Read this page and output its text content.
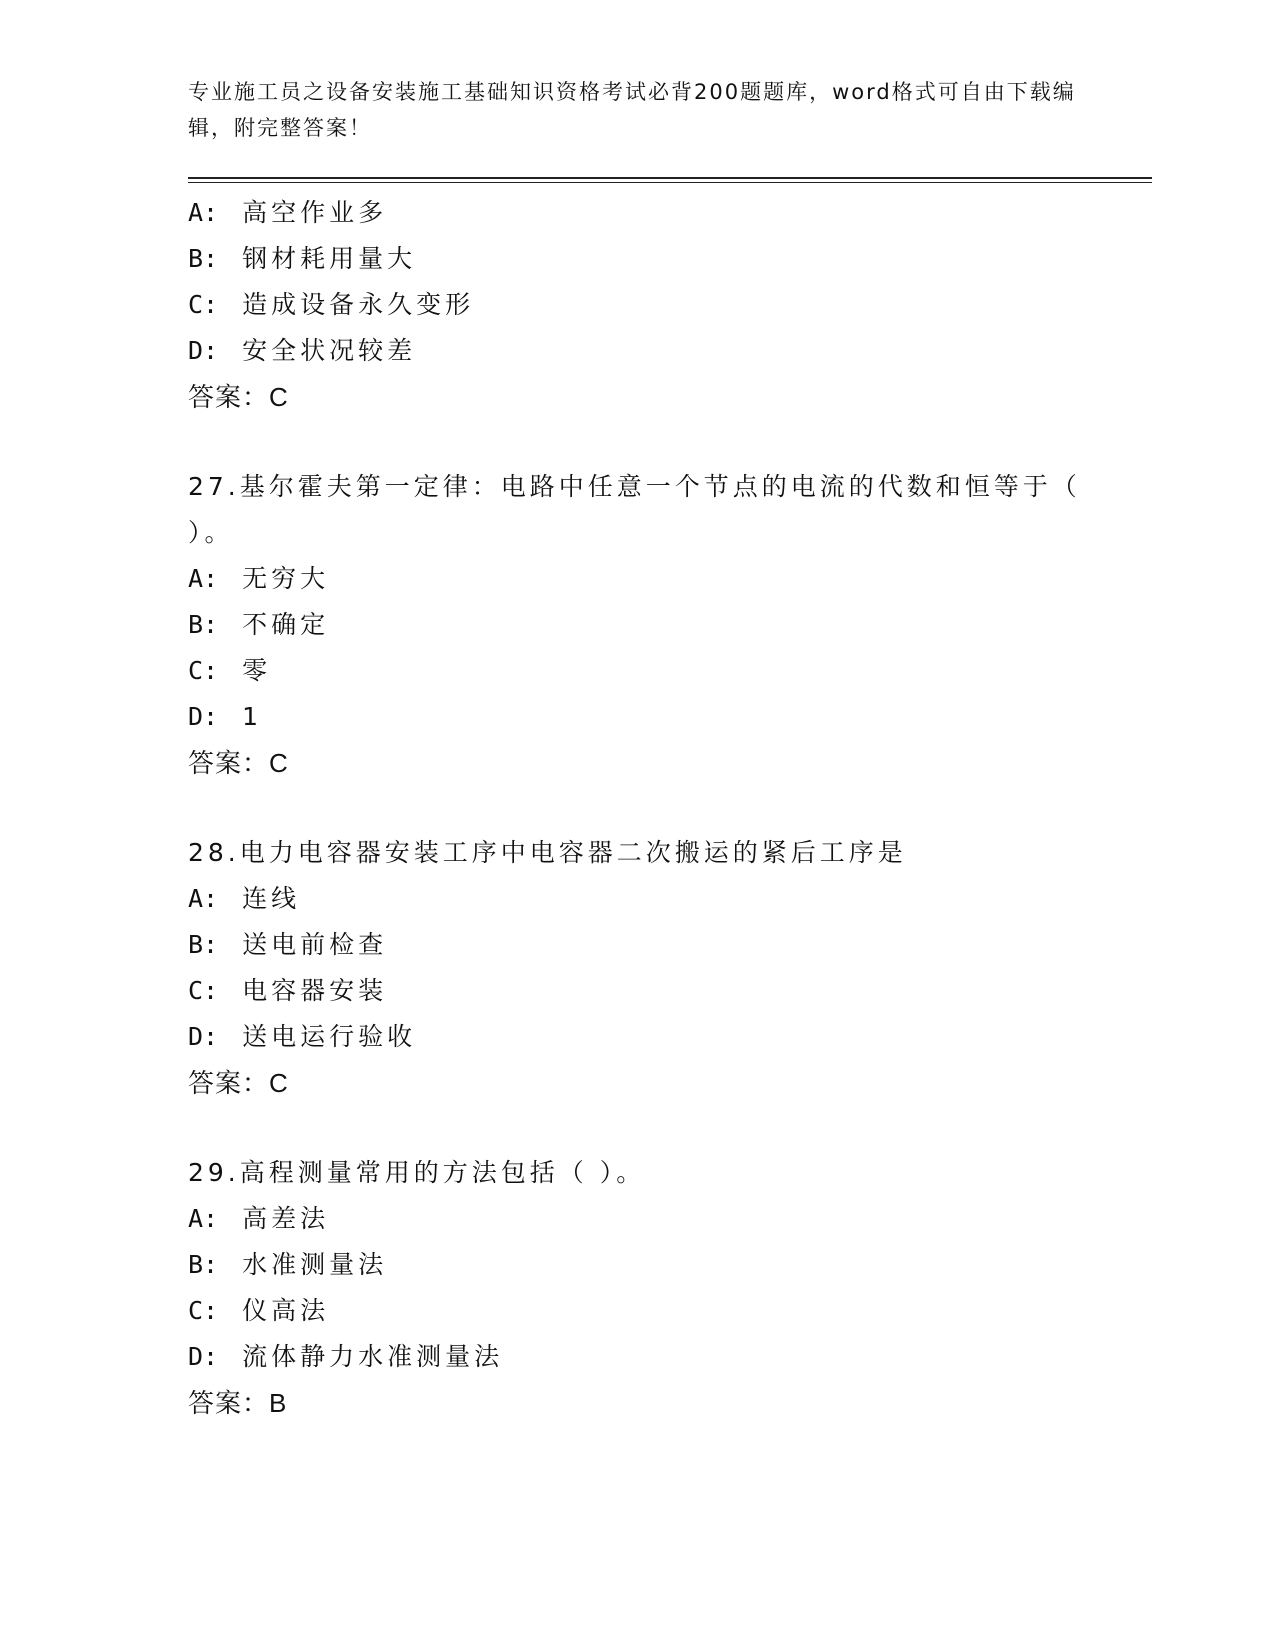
专业施工员之设备安装施工基础知识资格考试必背200题题库，word格式可自由下载编辑，附完整答案！
A: 高空作业多
B: 钢材耗用量大
C: 造成设备永久变形
D: 安全状况较差
答案：C
27.基尔霍夫第一定律：电路中任意一个节点的电流的代数和恒等于（ ）。
A: 无穷大
B: 不确定
C: 零
D: 1
答案：C
28.电力电容器安装工序中电容器二次搬运的紧后工序是
A: 连线
B: 送电前检查
C: 电容器安装
D: 送电运行验收
答案：C
29.高程测量常用的方法包括（ ）。
A: 高差法
B: 水准测量法
C: 仪高法
D: 流体静力水准测量法
答案：B
